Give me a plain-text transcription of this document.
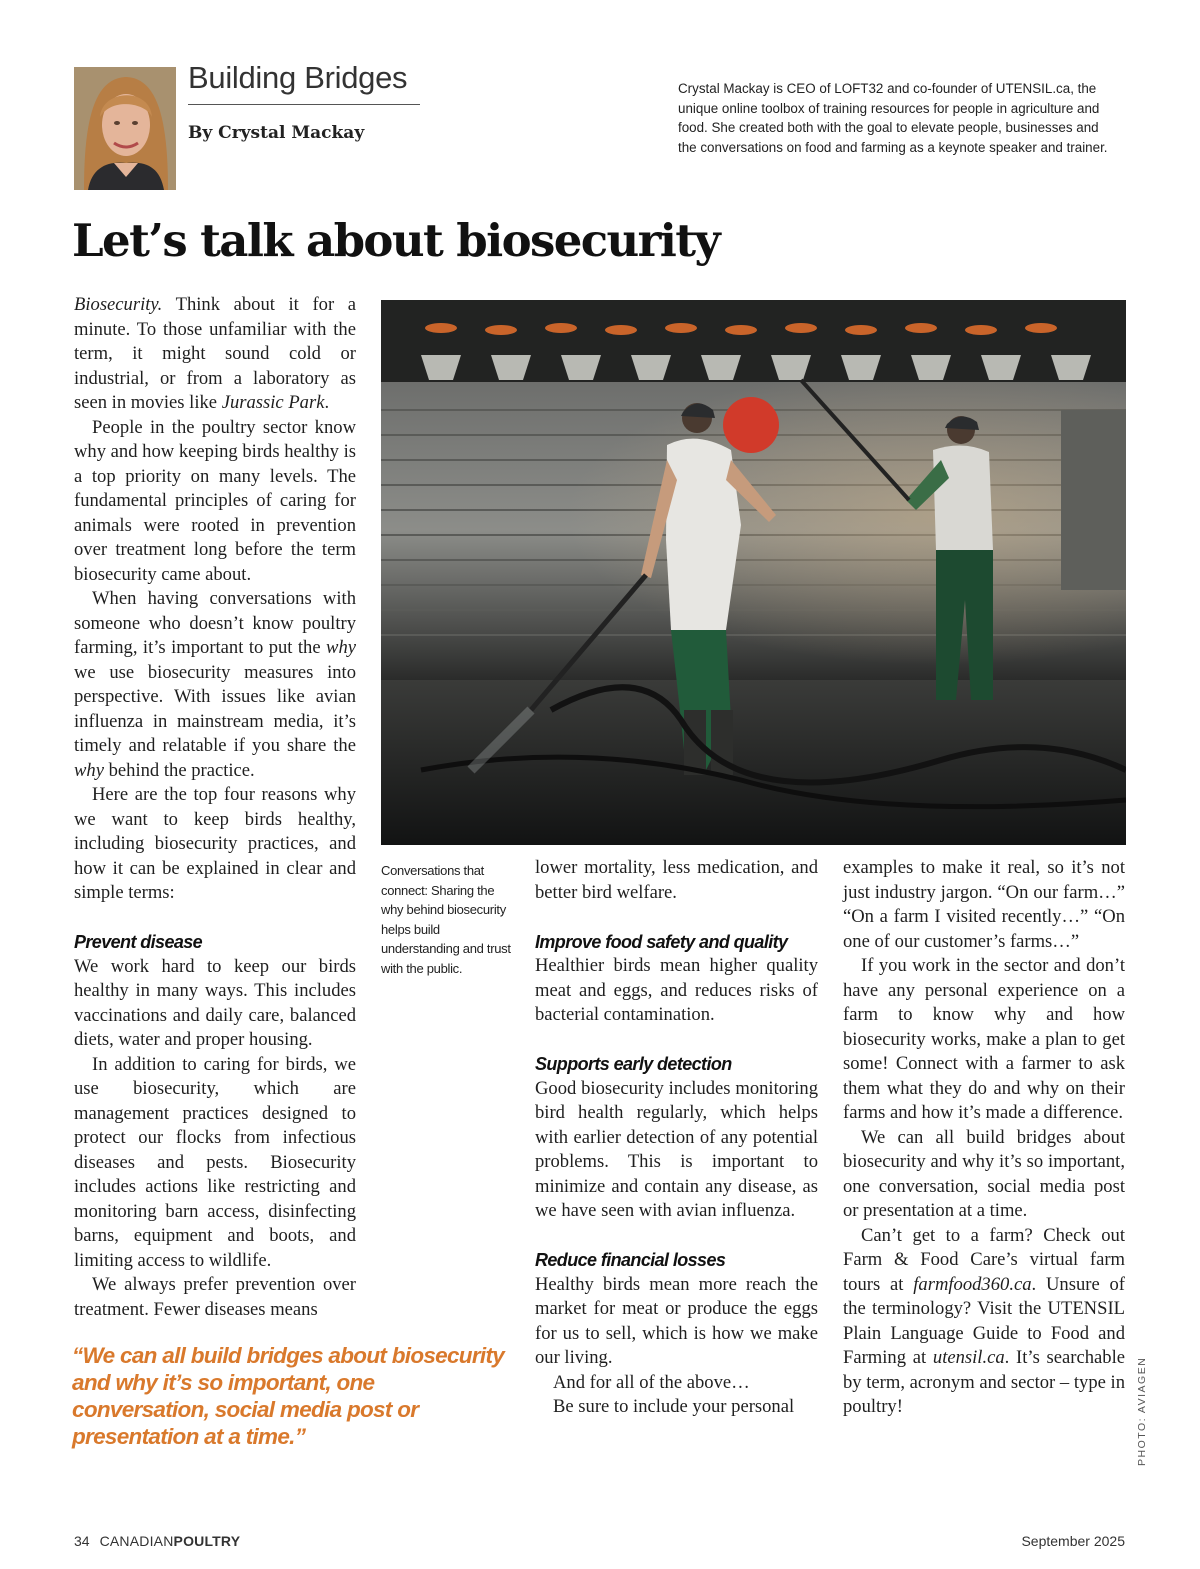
Building Bridges
By Crystal Mackay
Crystal Mackay is CEO of LOFT32 and co-founder of UTENSIL.ca, the unique online toolbox of training resources for people in agriculture and food. She created both with the goal to elevate people, businesses and the conversations on food and farming as a keynote speaker and trainer.
Let’s talk about biosecurity

Biosecurity. Think about it for a minute. To those unfamiliar with the term, it might sound cold or industrial, or from a laboratory as seen in movies like Jurassic Park.

People in the poultry sector know why and how keeping birds healthy is a top priority on many levels. The fundamental principles of caring for animals were rooted in prevention over treatment long before the term biosecurity came about.

When having conversations with someone who doesn’t know poultry farming, it’s important to put the why we use biosecurity measures into perspective. With issues like avian influenza in mainstream media, it’s timely and relatable if you share the why behind the practice.

Here are the top four reasons why we want to keep birds healthy, including biosecurity practices, and how it can be explained in clear and simple terms:

Prevent disease

We work hard to keep our birds healthy in many ways. This includes vaccinations and daily care, balanced diets, water and proper housing.

In addition to caring for birds, we use biosecurity, which are management practices designed to protect our flocks from infectious diseases and pests. Biosecurity includes actions like restricting and monitoring barn access, disinfecting barns, equipment and boots, and limiting access to wildlife.

We always prefer prevention over treatment. Fewer diseases means

Conversations that connect: Sharing the why behind biosecurity helps build understanding and trust with the public.
“We can all build bridges about biosecurity and why it’s so important, one conversation, social media post or presentation at a time.”

lower mortality, less medication, and better bird welfare.

Improve food safety and quality

Healthier birds mean higher quality meat and eggs, and reduces risks of bacterial contamination.

Supports early detection

Good biosecurity includes monitoring bird health regularly, which helps with earlier detection of any potential problems. This is important to minimize and contain any disease, as we have seen with avian influenza.

Reduce financial losses

Healthy birds mean more reach the market for meat or produce the eggs for us to sell, which is how we make our living.

And for all of the above…

Be sure to include your personal

examples to make it real, so it’s not just industry jargon. “On our farm…” “On a farm I visited recently…” “On one of our customer’s farms…”

If you work in the sector and don’t have any personal experience on a farm to know why and how biosecurity works, make a plan to get some! Connect with a farmer to ask them what they do and why on their farms and how it’s made a difference.

We can all build bridges about biosecurity and why it’s so important, one conversation, social media post or presentation at a time.

Can’t get to a farm? Check out Farm & Food Care’s virtual farm tours at farmfood360.ca. Unsure of the terminology? Visit the UTENSIL Plain Language Guide to Food and Farming at utensil.ca. It’s searchable by term, acronym and sector – type in poultry!	PHOTO: AVIAGEN
34 CANADIANPOULTRY	September 2025
